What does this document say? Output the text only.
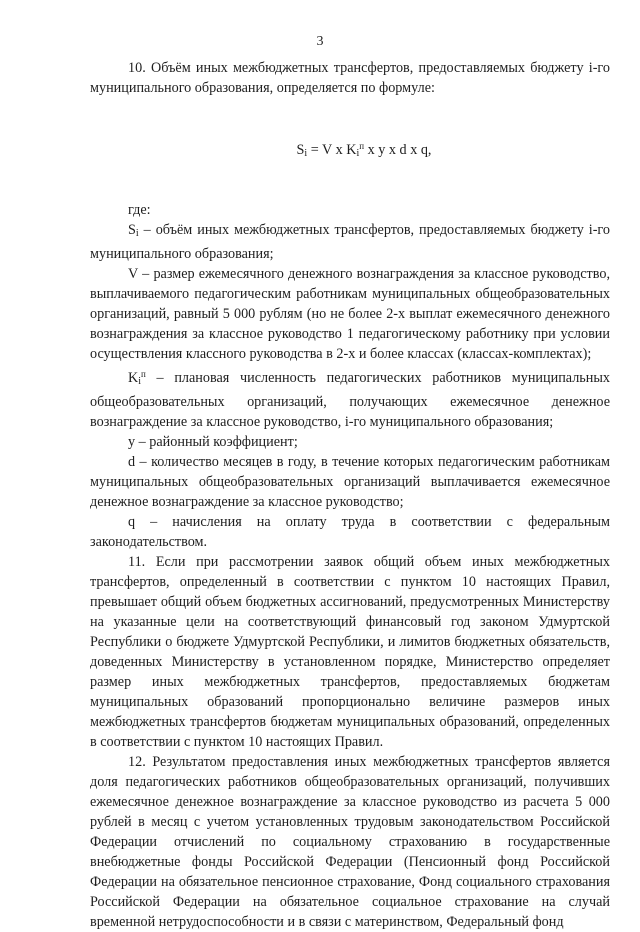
3

10. Объём иных межбюджетных трансфертов, предоставляемых бюджету i-го муниципального образования, определяется по формуле:

$S_i = V$ x $K_i^п$ x y x d x q,

где:

$S_i$ – объём иных межбюджетных трансфертов, предоставляемых бюджету i-го муниципального образования;

V – размер ежемесячного денежного вознаграждения за классное руководство, выплачиваемого педагогическим работникам муниципальных общеобразовательных организаций, равный 5 000 рублям (но не более 2-х выплат ежемесячного денежного вознаграждения за классное руководство 1 педагогическому работнику при условии осуществления классного руководства в 2-х и более классах (классах-комплектах);

$K_i^п$ – плановая численность педагогических работников муниципальных общеобразовательных организаций, получающих ежемесячное денежное вознаграждение за классное руководство, i-го муниципального образования;

y – районный коэффициент;

d – количество месяцев в году, в течение которых педагогическим работникам муниципальных общеобразовательных организаций выплачивается ежемесячное денежное вознаграждение за классное руководство;

q – начисления на оплату труда в соответствии с федеральным законодательством.

11. Если при рассмотрении заявок общий объем иных межбюджетных трансфертов, определенный в соответствии с пунктом 10 настоящих Правил, превышает общий объем бюджетных ассигнований, предусмотренных Министерству на указанные цели на соответствующий финансовый год законом Удмуртской Республики о бюджете Удмуртской Республики, и лимитов бюджетных обязательств, доведенных Министерству в установленном порядке, Министерство определяет размер иных межбюджетных трансфертов, предоставляемых бюджетам муниципальных образований пропорционально величине размеров иных межбюджетных трансфертов бюджетам муниципальных образований, определенных в соответствии с пунктом 10 настоящих Правил.

12. Результатом предоставления иных межбюджетных трансфертов является доля педагогических работников общеобразовательных организаций, получивших ежемесячное денежное вознаграждение за классное руководство из расчета 5 000 рублей в месяц с учетом установленных трудовым законодательством Российской Федерации отчислений по социальному страхованию в государственные внебюджетные фонды Российской Федерации (Пенсионный фонд Российской Федерации на обязательное пенсионное страхование, Фонд социального страхования Российской Федерации на обязательное социальное страхование на случай временной нетрудоспособности и в связи с материнством, Федеральный фонд
